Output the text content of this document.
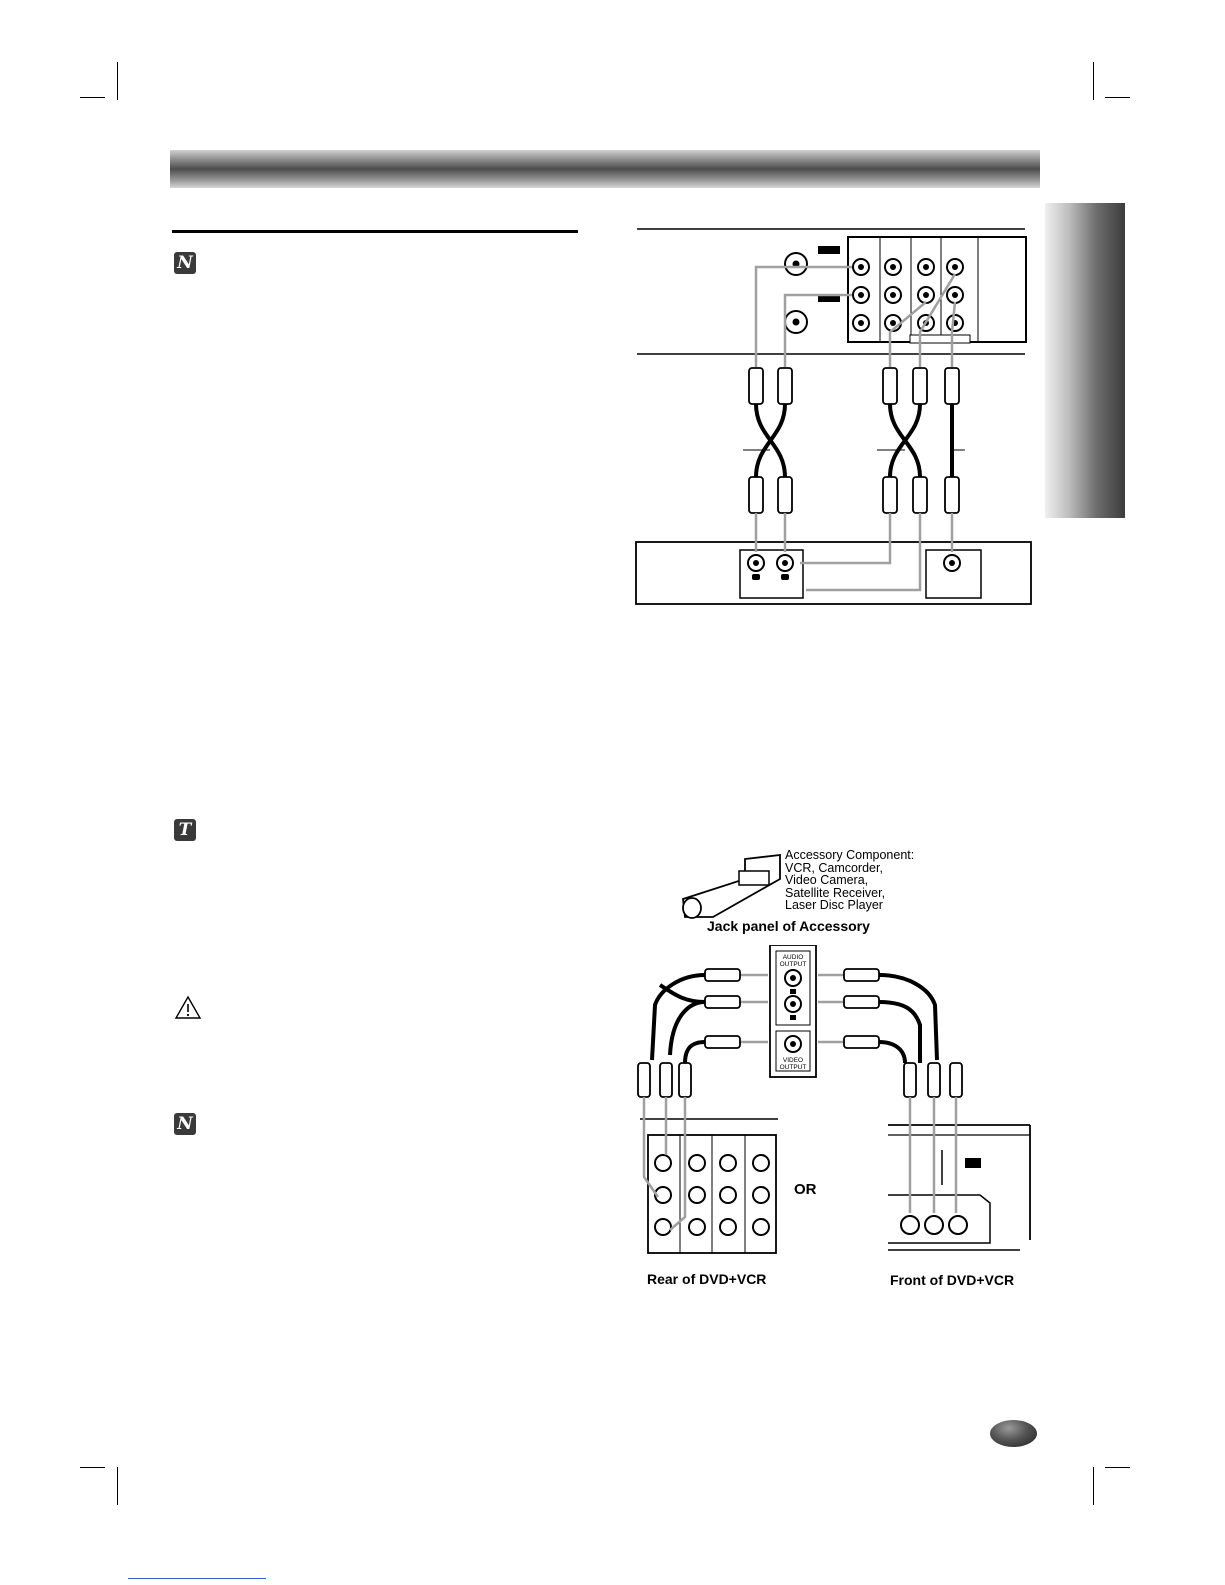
N
T
N
Accessory Component:
VCR, Camcorder,
Video Camera,
Satellite Receiver,
Laser Disc Player
Jack panel of Accessory
AUDIO
OUTPUT
VIDEO
OUTPUT
OR
Rear of DVD+VCR	Front of DVD+VCR
